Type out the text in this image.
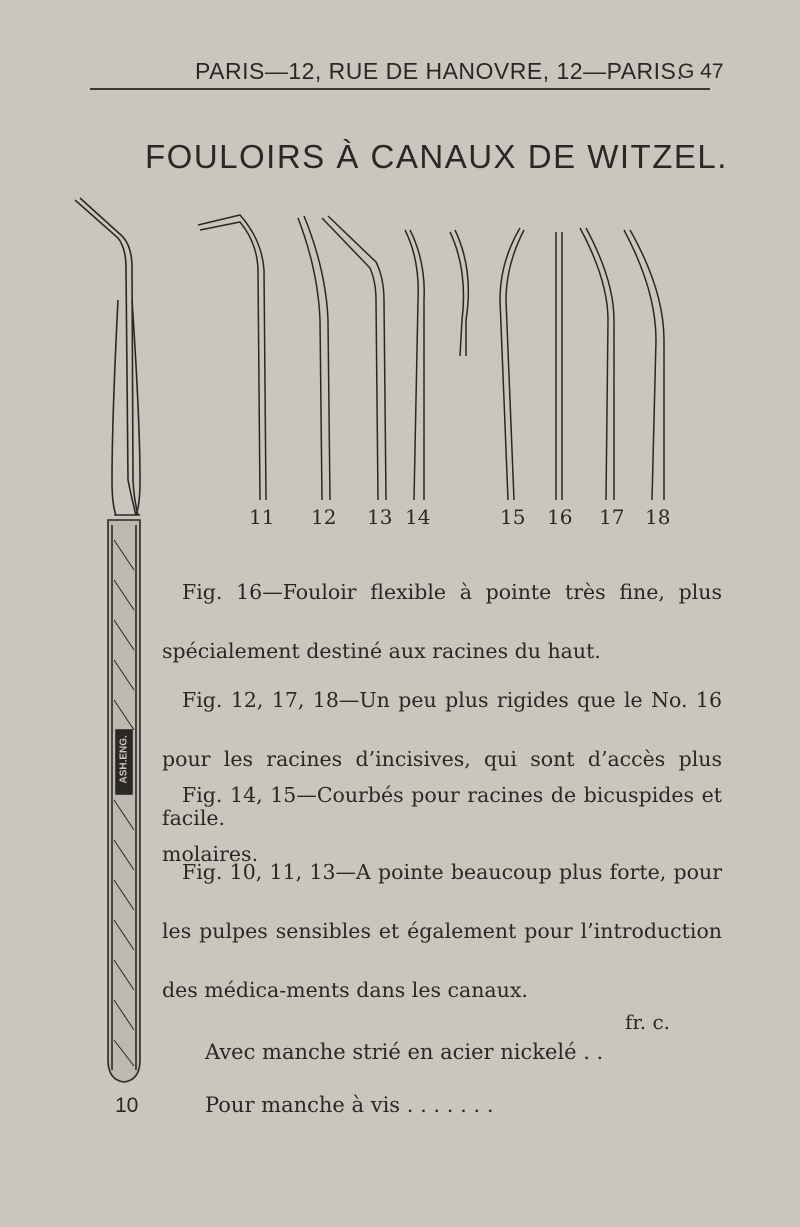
PARIS—12, RUE DE HANOVRE, 12—PARIS.
G 47
FOULOIRS À CANAUX DE WITZEL.
11 12 13 14	15 16 17 18
ASH.ENG.
10
Fig. 16—Fouloir flexible à pointe très fine, plus spécialement destiné aux racines du haut.
Fig. 12, 17, 18—Un peu plus rigides que le No. 16 pour les racines d’incisives, qui sont d’accès plus facile.
Fig. 14, 15—Courbés pour racines de bicuspides et molaires.
Fig. 10, 11, 13—A pointe beaucoup plus forte, pour les pulpes sensibles et également pour l’introduction des médica-ments dans les canaux.
fr. c.
Avec manche strié en acier nickelé . .
Pour manche à vis . . . . . . .
